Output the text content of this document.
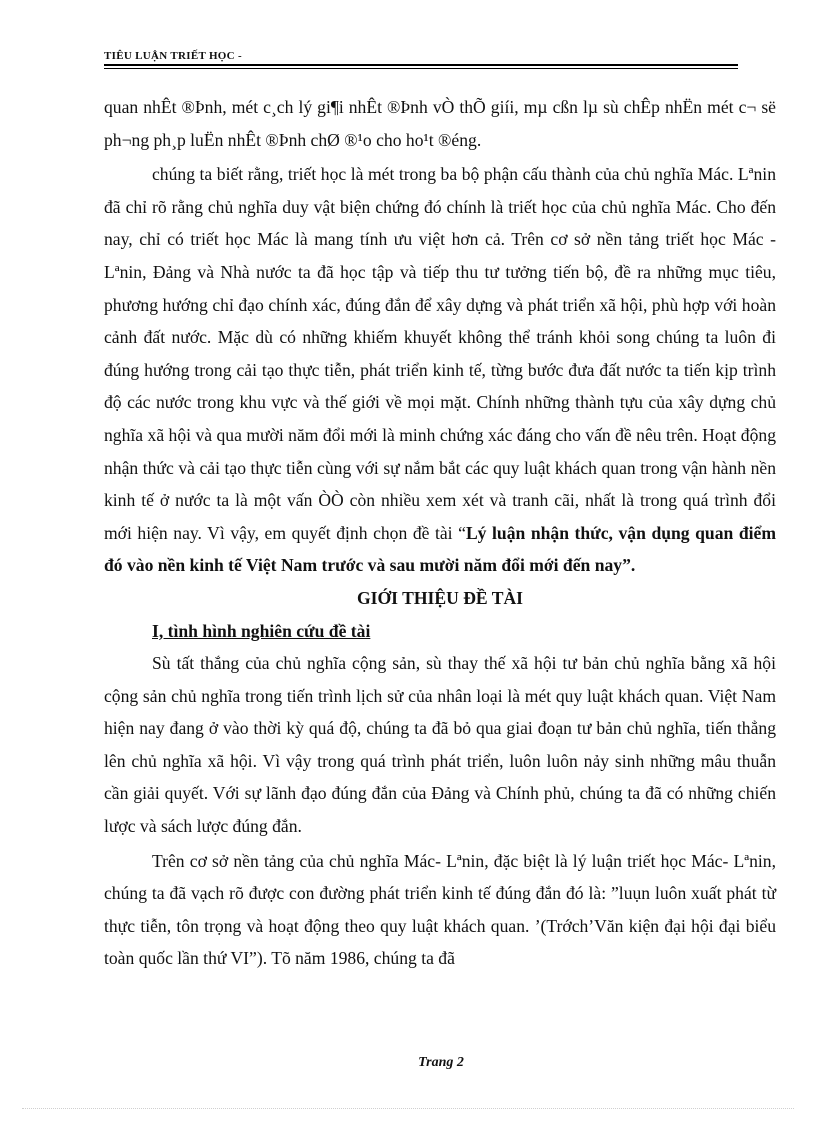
TIÊU LUẬN TRIẾT HỌC -

quan nhÊt ®Þnh, mét c¸ch lý gi¶i nhÊt ®Þnh vÒ thÕ giíi, mµ cßn lµ sù chÊp nhËn mét c¬ së ph¬ng ph¸p luËn nhÊt ®Þnh chØ ®¹o cho ho¹t ®éng.

chúng ta biết rằng, triết học là mét trong ba bộ phận cấu thành của chủ nghĩa Mác. Lªnin đã chỉ rõ rằng chủ nghĩa duy vật biện chứng đó chính là triết học của chủ nghĩa Mác. Cho đến nay, chỉ có triết học Mác là mang tính ưu việt hơn cả. Trên cơ sở nền tảng triết học Mác - Lªnin, Đảng và Nhà nước ta đã học tập và tiếp thu tư tưởng tiến bộ, đề ra những mục tiêu, phương hướng chỉ đạo chính xác, đúng đắn để xây dựng và phát triển xã hội, phù hợp với hoàn cảnh đất nước. Mặc dù có những khiếm khuyết không thể tránh khỏi song chúng ta luôn đi đúng hướng trong cải tạo thực tiễn, phát triển kinh tế, từng bước đưa đất nước ta tiến kịp trình độ các nước trong khu vực và thế giới về mọi mặt. Chính những thành tựu của xây dựng chủ nghĩa xã hội và qua mười năm đổi mới là minh chứng xác đáng cho vấn đề nêu trên. Hoạt động nhận thức và cải tạo thực tiễn cùng với sự nắm bắt các quy luật khách quan trong vận hành nền kinh tế ở nước ta là một vấn ÒÒ còn nhiều xem xét và tranh cãi, nhất là trong quá trình đổi mới hiện nay. Vì vậy, em quyết định chọn đề tài “Lý luận nhận thức, vận dụng quan điểm đó vào nền kinh tế Việt Nam trước và sau mười năm đổi mới đến nay”.

GIỚI THIỆU ĐỀ TÀI

I, tình hình nghiên cứu đề tài

Sù tất thắng của chủ nghĩa cộng sản, sù thay thế xã hội tư bản chủ nghĩa bằng xã hội cộng sản chủ nghĩa trong tiến trình lịch sử của nhân loại là mét quy luật khách quan. Việt Nam hiện nay đang ở vào thời kỳ quá độ, chúng ta đã bỏ qua giai đoạn tư bản chủ nghĩa, tiến thẳng lên chủ nghĩa xã hội. Vì vậy trong quá trình phát triển, luôn luôn nảy sinh những mâu thuẫn cần giải quyết. Với sự lãnh đạo đúng đắn của Đảng và Chính phủ, chúng ta đã có những chiến lược và sách lược đúng đắn.

Trên cơ sở nền tảng của chủ nghĩa Mác- Lªnin, đặc biệt là lý luận triết học Mác- Lªnin, chúng ta đã vạch rõ được con đường phát triển kinh tế đúng đắn đó là: ”luụn luôn xuất phát từ thực tiễn, tôn trọng và hoạt động theo quy luật khách quan. ’(Trớch’Văn kiện đại hội đại biểu toàn quốc lần thứ VI”). Tõ năm 1986, chúng ta đã

Trang 2
